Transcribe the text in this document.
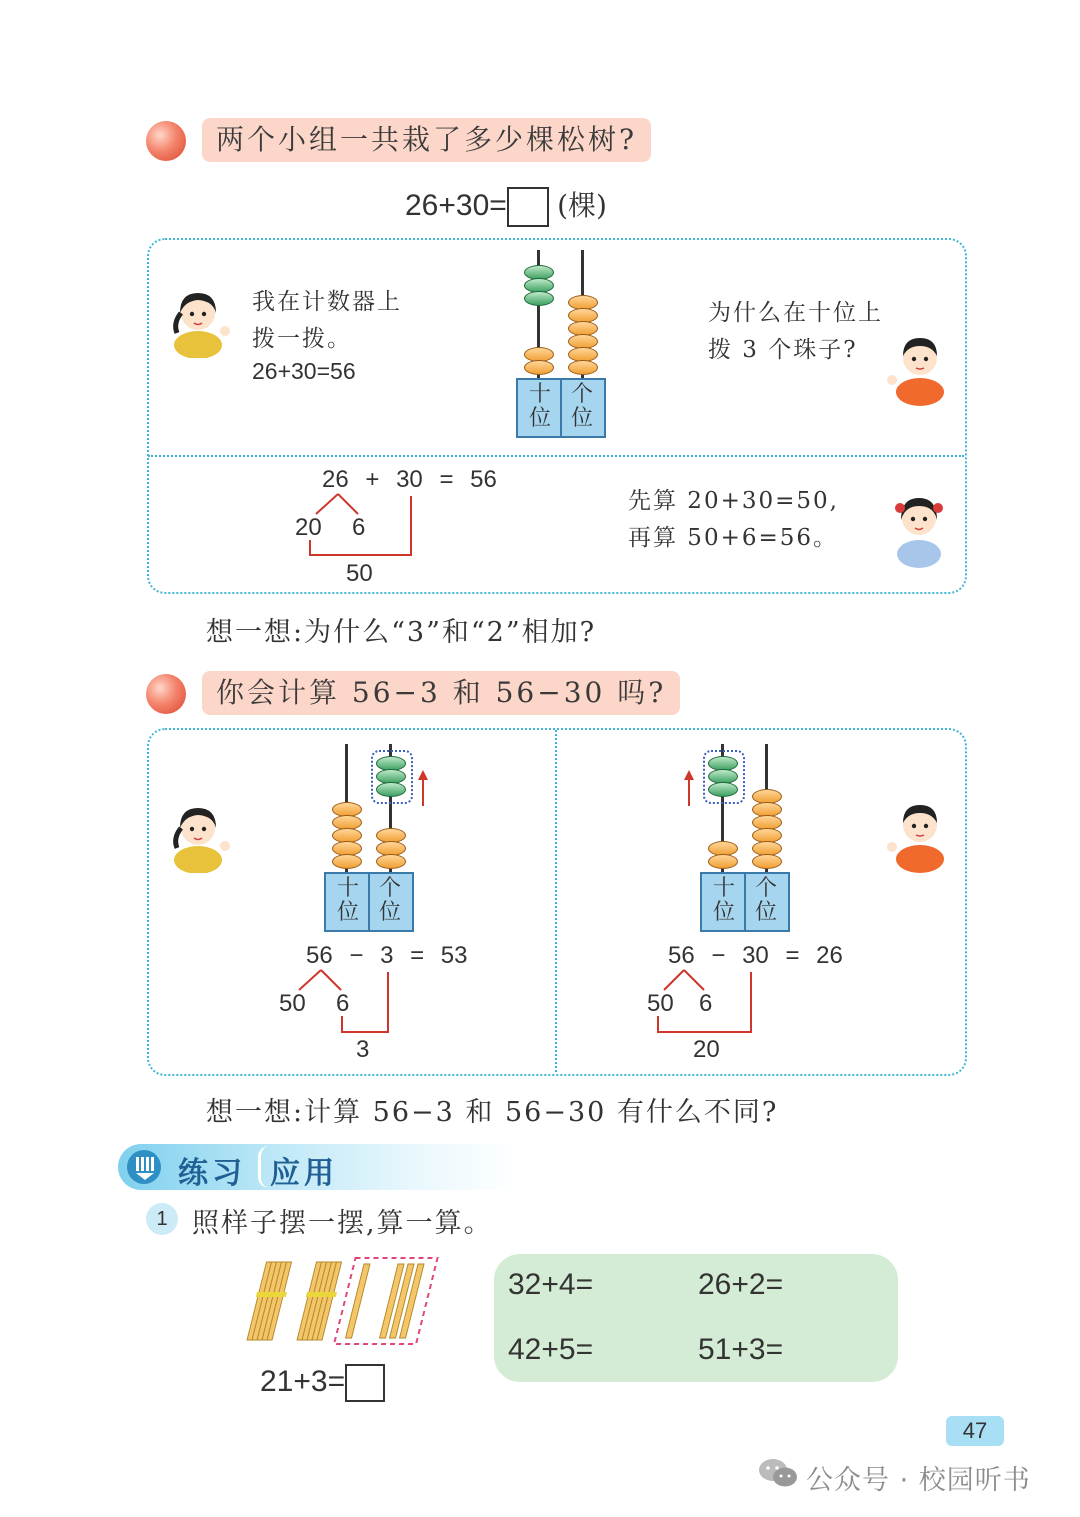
两个小组一共栽了多少棵松树?
26+30= (棵)
我在计数器上
拨一拨。
26+30=56
十
位
个
位
为什么在十位上
拨 3 个珠子?
26 + 30 = 56
20 6
50
先算 20+30=50,
再算 50+6=56。
想一想:为什么“3”和“2”相加?
你会计算 56−3 和 56−30 吗?
十
位
个
位
56 − 3 = 53
50 6
3
十
位
个
位
56 − 30 = 26
50 6
20
想一想:计算 56−3 和 56−30 有什么不同?
练习 应用
1 照样子摆一摆,算一算。
21+3=
32+4=	26+2=
42+5=	51+3=
47
公众号 · 校园听书
